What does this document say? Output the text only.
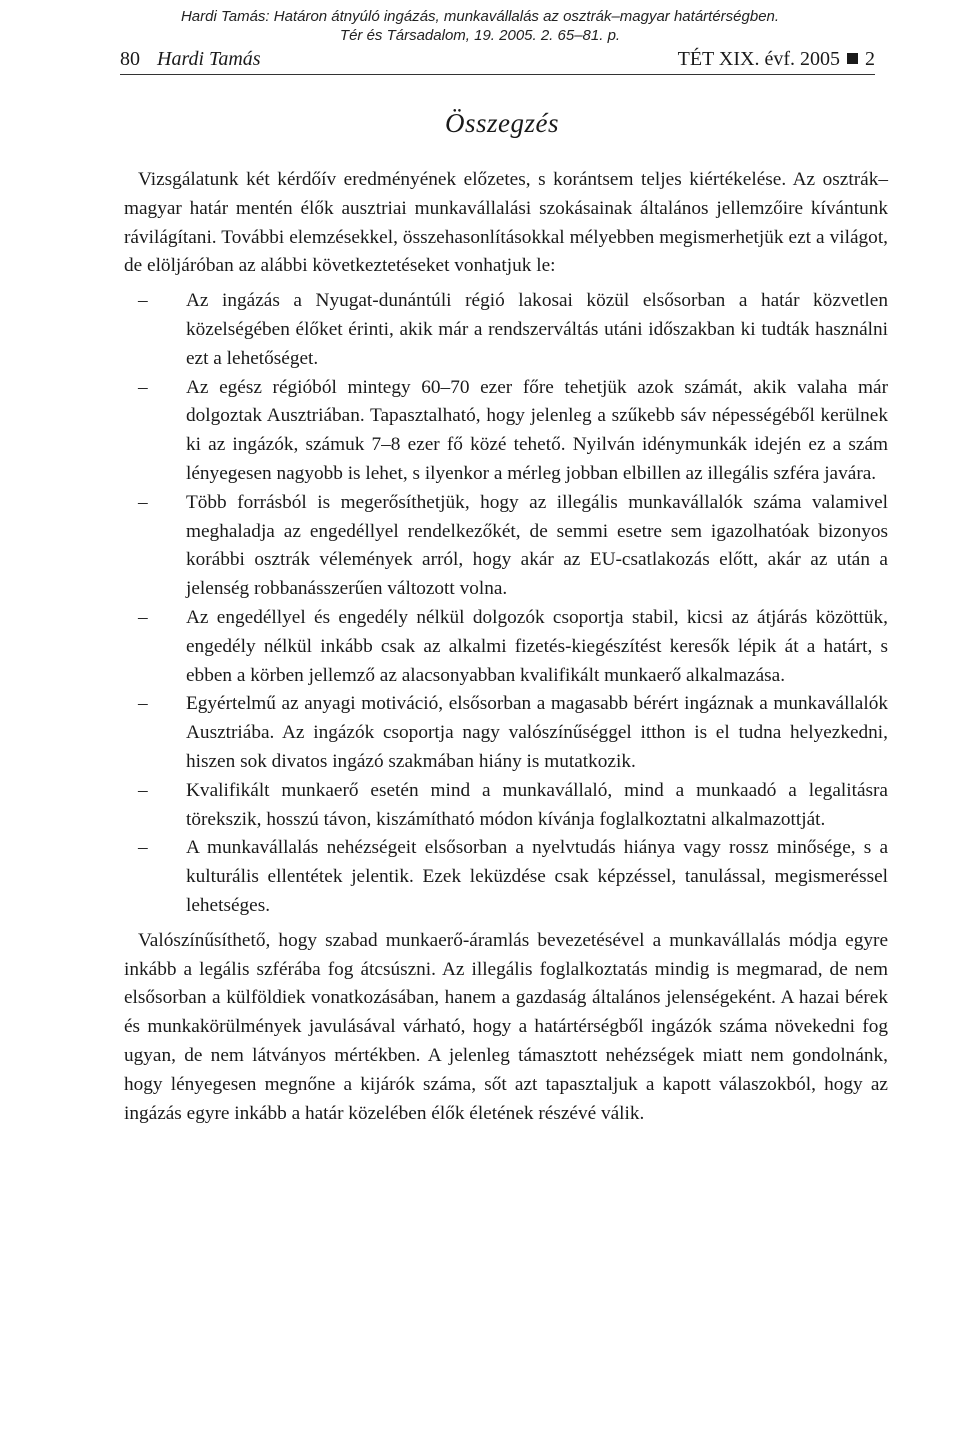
Hardi Tamás: Határon átnyúló ingázás, munkavállalás az osztrák–magyar határtérségben.
Tér és Társadalom, 19. 2005. 2. 65–81. p.
80 Hardi Tamás	TÉT XIX. évf. 2005 2
Összegzés

Vizsgálatunk két kérdőív eredményének előzetes, s korántsem teljes kiértékelése. Az osztrák–magyar határ mentén élők ausztriai munkavállalási szokásainak általános jellemzőire kívántunk rávilágítani. További elemzésekkel, összehasonlításokkal mélyebben megismerhetjük ezt a világot, de elöljáróban az alábbi következtetéseket vonhatjuk le:

– Az ingázás a Nyugat-dunántúli régió lakosai közül elsősorban a határ közvetlen közelségében élőket érinti, akik már a rendszerváltás utáni időszakban ki tudták használni ezt a lehetőséget.
– Az egész régióból mintegy 60–70 ezer főre tehetjük azok számát, akik valaha már dolgoztak Ausztriában. Tapasztalható, hogy jelenleg a szűkebb sáv népességéből kerülnek ki az ingázók, számuk 7–8 ezer fő közé tehető. Nyilván idénymunkák idején ez a szám lényegesen nagyobb is lehet, s ilyenkor a mérleg jobban elbillen az illegális szféra javára.
– Több forrásból is megerősíthetjük, hogy az illegális munkavállalók száma valamivel meghaladja az engedéllyel rendelkezőkét, de semmi esetre sem igazolhatóak bizonyos korábbi osztrák vélemények arról, hogy akár az EU-csatlakozás előtt, akár az után a jelenség robbanásszerűen változott volna.
– Az engedéllyel és engedély nélkül dolgozók csoportja stabil, kicsi az átjárás közöttük, engedély nélkül inkább csak az alkalmi fizetés-kiegészítést keresők lépik át a határt, s ebben a körben jellemző az alacsonyabban kvalifikált munkaerő alkalmazása.
– Egyértelmű az anyagi motiváció, elsősorban a magasabb bérért ingáznak a munkavállalók Ausztriába. Az ingázók csoportja nagy valószínűséggel itthon is el tudna helyezkedni, hiszen sok divatos ingázó szakmában hiány is mutatkozik.
– Kvalifikált munkaerő esetén mind a munkavállaló, mind a munkaadó a legalitásra törekszik, hosszú távon, kiszámítható módon kívánja foglalkoztatni alkalmazottját.
– A munkavállalás nehézségeit elsősorban a nyelvtudás hiánya vagy rossz minősége, s a kulturális ellentétek jelentik. Ezek leküzdése csak képzéssel, tanulással, megismeréssel lehetséges.

Valószínűsíthető, hogy szabad munkaerő-áramlás bevezetésével a munkavállalás módja egyre inkább a legális szférába fog átcsúszni. Az illegális foglalkoztatás mindig is megmarad, de nem elsősorban a külföldiek vonatkozásában, hanem a gazdaság általános jelenségeként. A hazai bérek és munkakörülmények javulásával várható, hogy a határtérségből ingázók száma növekedni fog ugyan, de nem látványos mértékben. A jelenleg támasztott nehézségek miatt nem gondolnánk, hogy lényegesen megnőne a kijárók száma, sőt azt tapasztaljuk a kapott válaszokból, hogy az ingázás egyre inkább a határ közelében élők életének részévé válik.
